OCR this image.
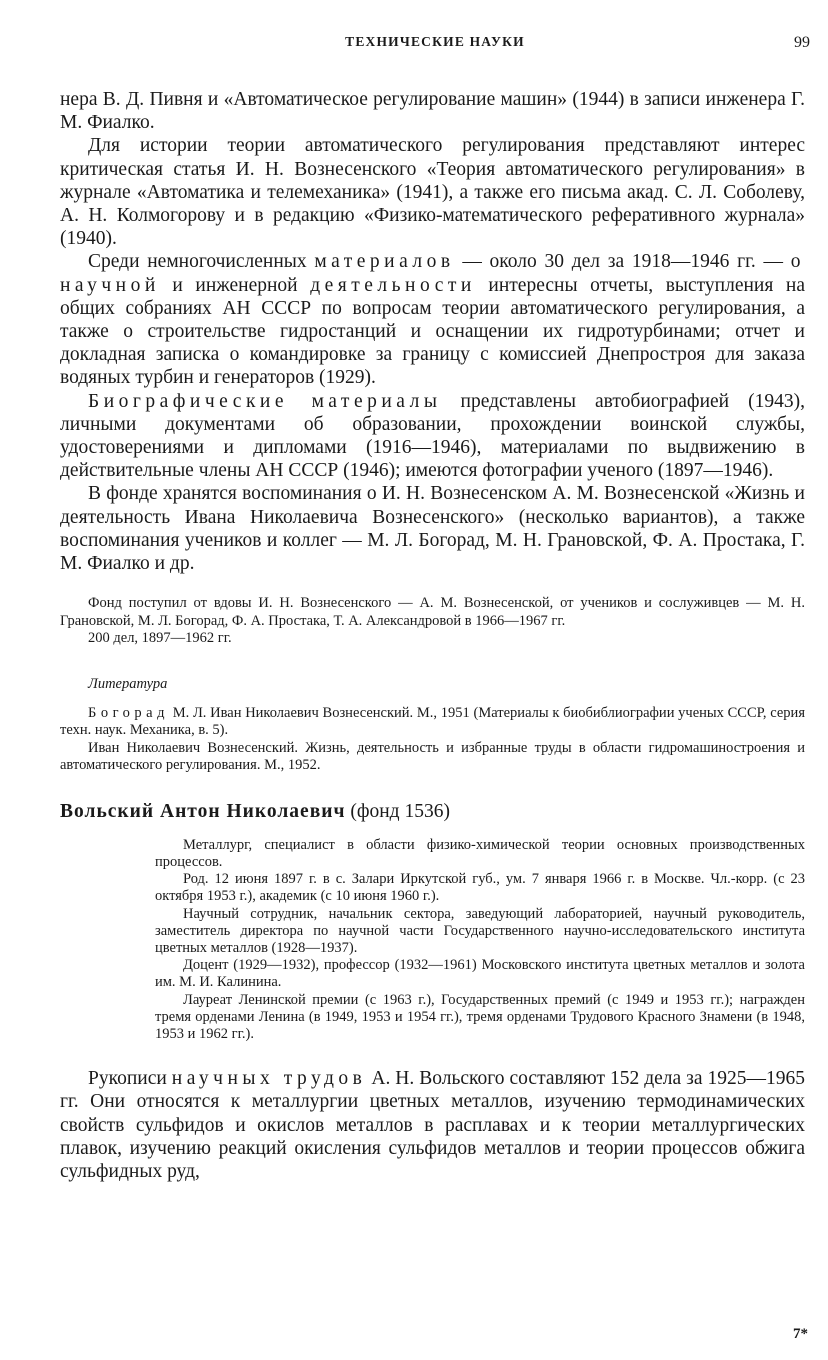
ТЕХНИЧЕСКИЕ НАУКИ	99

нера В. Д. Пивня и «Автоматическое регулирование машин» (1944) в записи инженера Г. М. Фиалко.

Для истории теории автоматического регулирования представляют интерес критическая статья И. Н. Вознесенского «Теория автоматического регулирования» в журнале «Автоматика и телемеханика» (1941), а также его письма акад. С. Л. Соболеву, А. Н. Колмогорову и в редакцию «Физико-математического реферативного журнала» (1940).

Среди немногочисленных материалов — около 30 дел за 1918—1946 гг. — о научной и инженерной деятельности интересны отчеты, выступления на общих собраниях АН СССР по вопросам теории автоматического регулирования, а также о строительстве гидростанций и оснащении их гидротурбинами; отчет и докладная записка о командировке за границу с комиссией Днепростроя для заказа водяных турбин и генераторов (1929).

Биографические материалы представлены автобиографией (1943), личными документами об образовании, прохождении воинской службы, удостоверениями и дипломами (1916—1946), материалами по выдвижению в действительные члены АН СССР (1946); имеются фотографии ученого (1897—1946).

В фонде хранятся воспоминания о И. Н. Вознесенском А. М. Вознесенской «Жизнь и деятельность Ивана Николаевича Вознесенского» (несколько вариантов), а также воспоминания учеников и коллег — М. Л. Богорад, М. Н. Грановской, Ф. А. Простака, Г. М. Фиалко и др.

Фонд поступил от вдовы И. Н. Вознесенского — А. М. Вознесенской, от учеников и сослуживцев — М. Н. Грановской, М. Л. Богорад, Ф. А. Простака, Т. А. Александровой в 1966—1967 гг.

200 дел, 1897—1962 гг.

Литература

Богорад М. Л. Иван Николаевич Вознесенский. М., 1951 (Материалы к биобиблиографии ученых СССР, серия техн. наук. Механика, в. 5).

Иван Николаевич Вознесенский. Жизнь, деятельность и избранные труды в области гидромашиностроения и автоматического регулирования. М., 1952.

Вольский Антон Николаевич (фонд 1536)

Металлург, специалист в области физико-химической теории основных производственных процессов.

Род. 12 июня 1897 г. в с. Залари Иркутской губ., ум. 7 января 1966 г. в Москве. Чл.-корр. (с 23 октября 1953 г.), академик (с 10 июня 1960 г.).

Научный сотрудник, начальник сектора, заведующий лабораторией, научный руководитель, заместитель директора по научной части Государственного научно-исследовательского института цветных металлов (1928—1937).

Доцент (1929—1932), профессор (1932—1961) Московского института цветных металлов и золота им. М. И. Калинина.

Лауреат Ленинской премии (с 1963 г.), Государственных премий (с 1949 и 1953 гг.); награжден тремя орденами Ленина (в 1949, 1953 и 1954 гг.), тремя орденами Трудового Красного Знамени (в 1948, 1953 и 1962 гг.).

Рукописи научных трудов А. Н. Вольского составляют 152 дела за 1925—1965 гг. Они относятся к металлургии цветных металлов, изучению термодинамических свойств сульфидов и окислов металлов в расплавах и к теории металлургических плавок, изучению реакций окисления сульфидов металлов и теории процессов обжига сульфидных руд,

7*
